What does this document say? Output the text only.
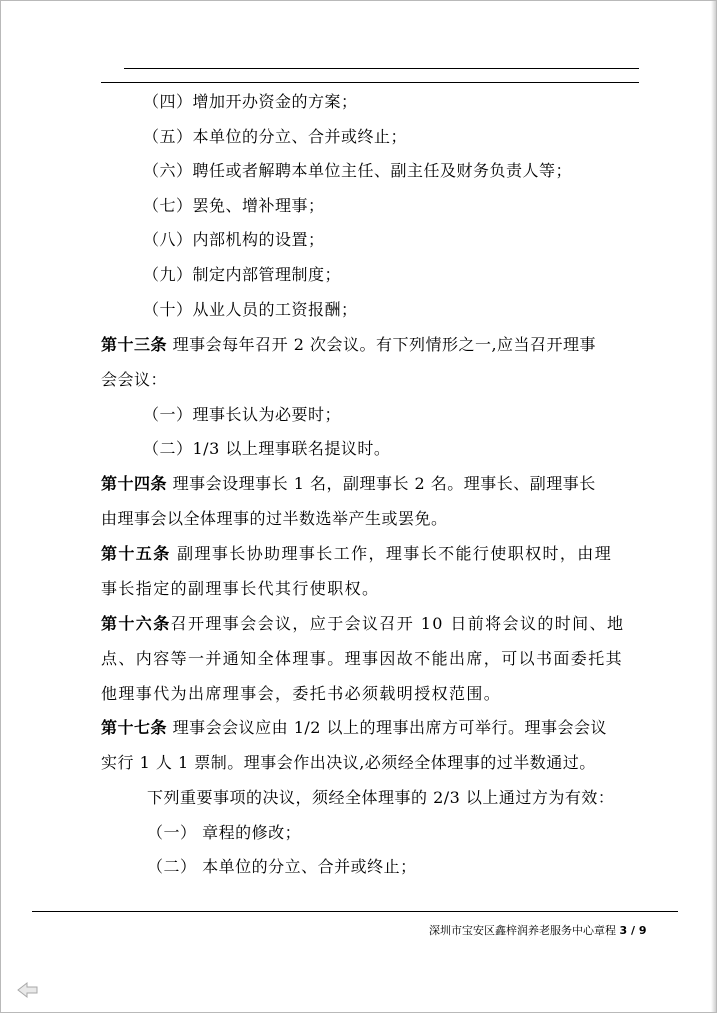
（四）增加开办资金的方案；
（五）本单位的分立、合并或终止；
（六）聘任或者解聘本单位主任、副主任及财务负责人等；
（七）罢免、增补理事；
（八）内部机构的设置；
（九）制定内部管理制度；
（十）从业人员的工资报酬；
第十三条 理事会每年召开 2 次会议。有下列情形之一,应当召开理事
会会议：
（一）理事长认为必要时；
（二）1/3 以上理事联名提议时。
第十四条 理事会设理事长 1 名，副理事长 2 名。理事长、副理事长
由理事会以全体理事的过半数选举产生或罢免。
第十五条 副理事长协助理事长工作，理事长不能行使职权时，由理
事长指定的副理事长代其行使职权。
第十六条召开理事会会议，应于会议召开 10 日前将会议的时间、地
点、内容等一并通知全体理事。理事因故不能出席，可以书面委托其
他理事代为出席理事会，委托书必须载明授权范围。
第十七条 理事会会议应由 1/2 以上的理事出席方可举行。理事会会议
实行 1 人 1 票制。理事会作出决议,必须经全体理事的过半数通过。
下列重要事项的决议，须经全体理事的 2/3 以上通过方为有效：
（一） 章程的修改；
（二） 本单位的分立、合并或终止；
深圳市宝安区鑫梓润养老服务中心章程 3 / 9
